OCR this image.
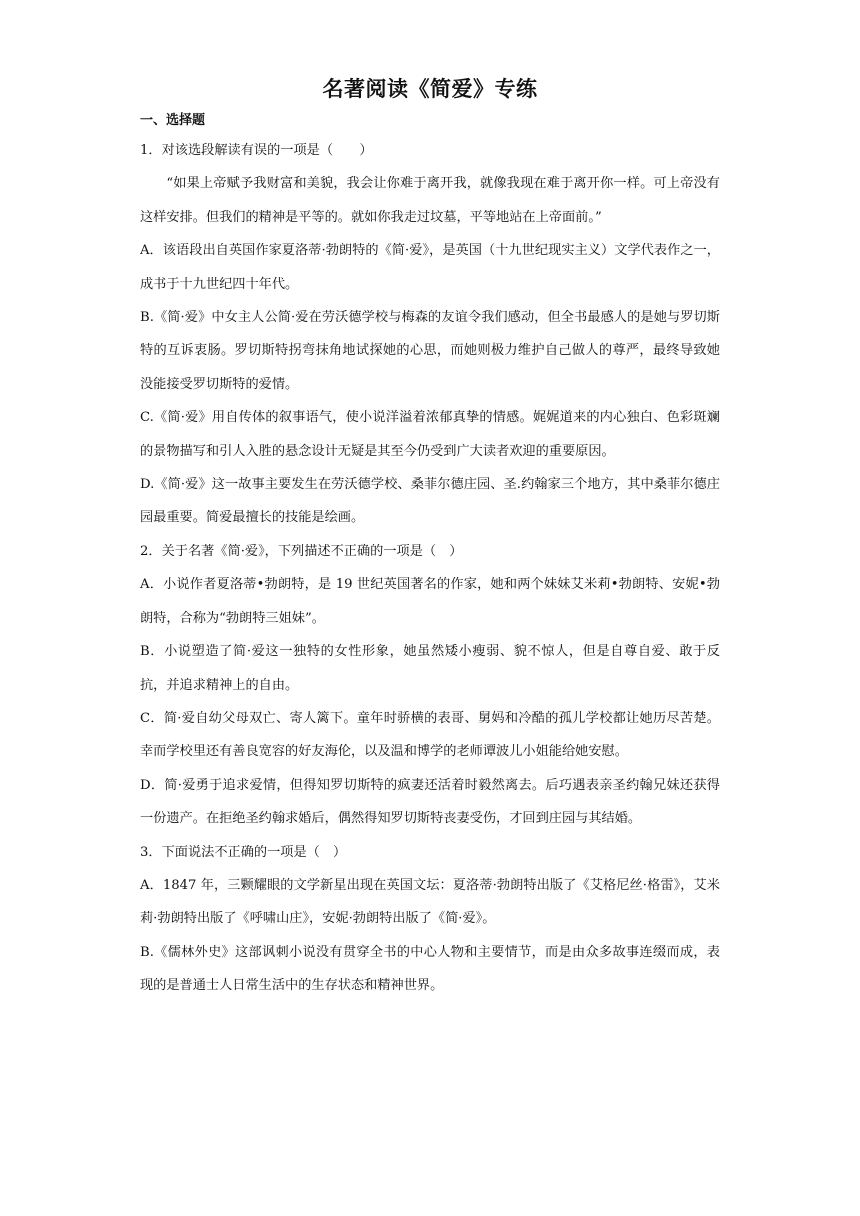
名著阅读《简爱》专练
一、选择题

1．对该选段解读有误的一项是（　　）

“如果上帝赋予我财富和美貌，我会让你难于离开我，就像我现在难于离开你一样。可上帝没有这样安排。但我们的精神是平等的。就如你我走过坟墓，平等地站在上帝面前。”

A．该语段出自英国作家夏洛蒂·勃朗特的《简·爱》，是英国（十九世纪现实主义）文学代表作之一，成书于十九世纪四十年代。

B.《简·爱》中女主人公简·爱在劳沃德学校与梅森的友谊令我们感动，但全书最感人的是她与罗切斯特的互诉衷肠。罗切斯特拐弯抹角地试探她的心思，而她则极力维护自己做人的尊严，最终导致她没能接受罗切斯特的爱情。

C.《简·爱》用自传体的叙事语气，使小说洋溢着浓郁真挚的情感。娓娓道来的内心独白、色彩斑斓的景物描写和引人入胜的悬念设计无疑是其至今仍受到广大读者欢迎的重要原因。

D.《简·爱》这一故事主要发生在劳沃德学校、桑菲尔德庄园、圣.约翰家三个地方，其中桑菲尔德庄园最重要。简爱最擅长的技能是绘画。

2．关于名著《简·爱》，下列描述不正确的一项是（　）

A．小说作者夏洛蒂•勃朗特，是 19 世纪英国著名的作家，她和两个妹妹艾米莉•勃朗特、安妮•勃朗特，合称为“勃朗特三姐妹”。

B．小说塑造了简·爱这一独特的女性形象，她虽然矮小瘦弱、貌不惊人，但是自尊自爱、敢于反抗，并追求精神上的自由。

C．简·爱自幼父母双亡、寄人篱下。童年时骄横的表哥、舅妈和冷酷的孤儿学校都让她历尽苦楚。幸而学校里还有善良宽容的好友海伦，以及温和博学的老师谭波儿小姐能给她安慰。

D．简·爱勇于追求爱情，但得知罗切斯特的疯妻还活着时毅然离去。后巧遇表亲圣约翰兄妹还获得一份遗产。在拒绝圣约翰求婚后，偶然得知罗切斯特丧妻受伤，才回到庄园与其结婚。

3．下面说法不正确的一项是（　）

A．1847 年，三颗耀眼的文学新星出现在英国文坛：夏洛蒂·勃朗特出版了《艾格尼丝·格雷》，艾米莉·勃朗特出版了《呼啸山庄》，安妮·勃朗特出版了《简·爱》。

B.《儒林外史》这部讽刺小说没有贯穿全书的中心人物和主要情节，而是由众多故事连缀而成，表现的是普通士人日常生活中的生存状态和精神世界。
